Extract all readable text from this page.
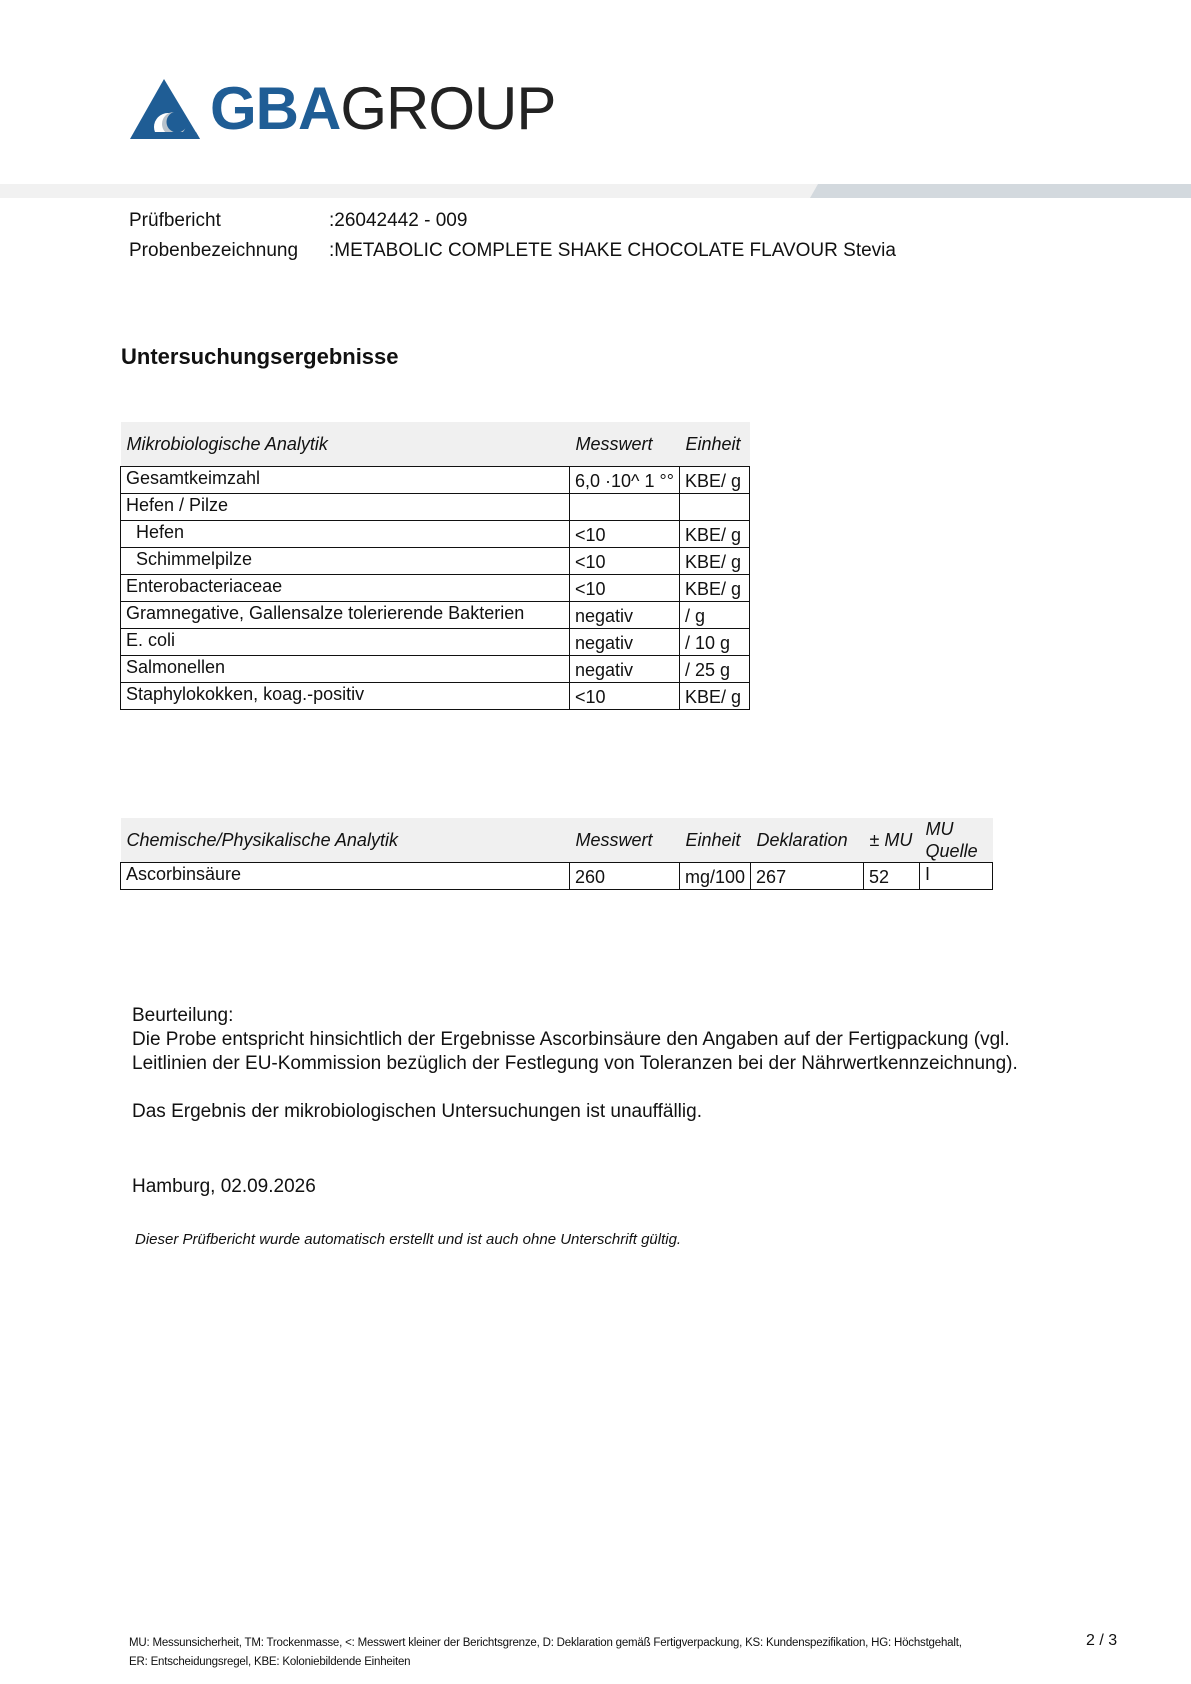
GBAGROUP
Prüfbericht	:26042442 - 009
Probenbezeichnung :METABOLIC COMPLETE SHAKE CHOCOLATE FLAVOUR Stevia
Untersuchungsergebnisse
Mikrobiologische Analytik	Messwert	Einheit
Gesamtkeimzahl	6,0 ·10^ 1 °°	KBE/ g
Hefen / Pilze		
Hefen	<10	KBE/ g
Schimmelpilze	<10	KBE/ g
Enterobacteriaceae	<10	KBE/ g
Gramnegative, Gallensalze tolerierende Bakterien	negativ	/ g
E. coli	negativ	/ 10 g
Salmonellen	negativ	/ 25 g
Staphylokokken, koag.-positiv	<10	KBE/ g
Chemische/Physikalische Analytik	Messwert	Einheit	Deklaration	± MU	MU
Quelle
Ascorbinsäure	260	mg/100	267	52	I

Beurteilung:

Die Probe entspricht hinsichtlich der Ergebnisse Ascorbinsäure den Angaben auf der Fertigpackung (vgl.

Leitlinien der EU-Kommission bezüglich der Festlegung von Toleranzen bei der Nährwertkennzeichnung).

Das Ergebnis der mikrobiologischen Untersuchungen ist unauffällig.

Hamburg, 02.09.2026
Dieser Prüfbericht wurde automatisch erstellt und ist auch ohne Unterschrift gültig.
MU: Messunsicherheit, TM: Trockenmasse, <: Messwert kleiner der Berichtsgrenze, D: Deklaration gemäß Fertigverpackung, KS: Kundenspezifikation, HG: Höchstgehalt,
ER: Entscheidungsregel, KBE: Koloniebildende Einheiten
2 / 3
